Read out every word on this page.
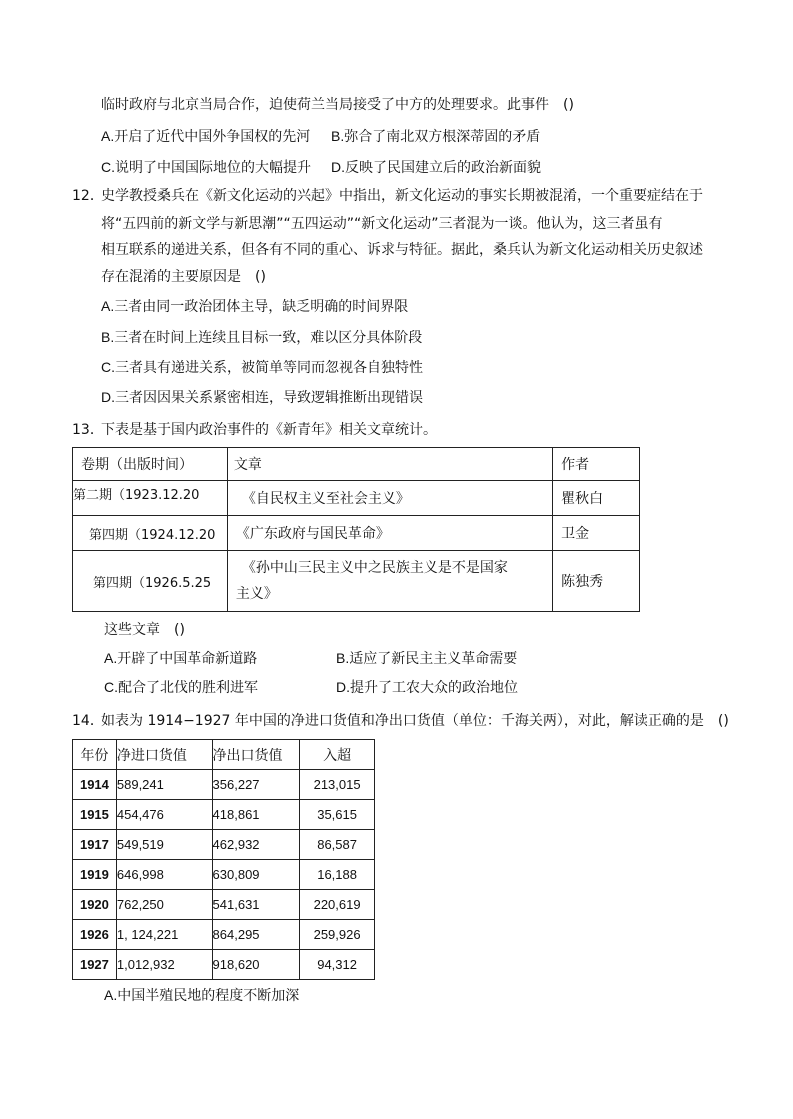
临时政府与北京当局合作，迫使荷兰当局接受了中方的处理要求。此事件　()
A.开启了近代中国外争国权的先河 B.弥合了南北双方根深蒂固的矛盾
C.说明了中国国际地位的大幅提升 D.反映了民国建立后的政治新面貌
12．
史学教授桑兵在《新文化运动的兴起》中指出，新文化运动的事实长期被混淆，一个重要症结在于
将“五四前的新文学与新思潮”“五四运动”“新文化运动”三者混为一谈。他认为，这三者虽有
相互联系的递进关系，但各有不同的重心、诉求与特征。据此，桑兵认为新文化运动相关历史叙述
存在混淆的主要原因是　()
A.三者由同一政治团体主导，缺乏明确的时间界限
B.三者在时间上连续且目标一致，难以区分具体阶段
C.三者具有递进关系，被简单等同而忽视各自独特性
D.三者因因果关系紧密相连，导致逻辑推断出现错误
13．
下表是基于国内政治事件的《新青年》相关文章统计。
卷期（出版时间）	文章	作者
第二期（1923.12.20	《自民权主义至社会主义》	瞿秋白
第四期（1924.12.20	《广东政府与国民革命》	卫金
第四期（1926.5.25	《孙中山三民主义中之民族主义是不是国家
主义》	陈独秀
这些文章　()
A.开辟了中国革命新道路	B.适应了新民主主义革命需要
C.配合了北伐的胜利进军	D.提升了工农大众的政治地位
14．
如表为 1914−1927 年中国的净进口货值和净出口货值（单位：千海关两），对此，解读正确的是　()
年份	净进口货值	净出口货值	入超
1914	589,241	356,227	213,015
1915	454,476	418,861	35,615
1917	549,519	462,932	86,587
1919	646,998	630,809	16,188
1920	762,250	541,631	220,619
1926	1, 124,221	864,295	259,926
1927	1,012,932	918,620	94,312
A.中国半殖民地的程度不断加深
